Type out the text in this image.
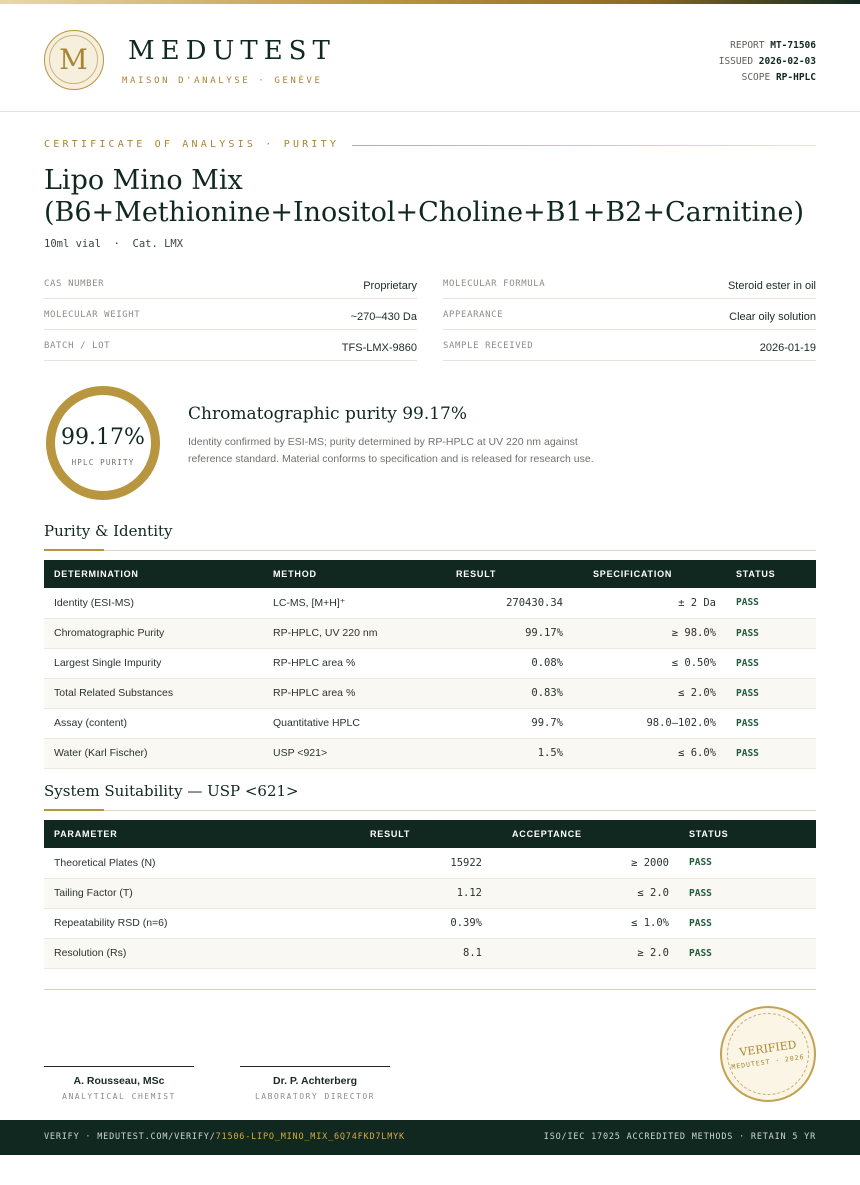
M	MEDUTEST
MAISON D'ANALYSE · GENÈVE
REPORT MT-71506
ISSUED 2026-02-03
SCOPE RP-HPLC
CERTIFICATE OF ANALYSIS · PURITY
Lipo Mino Mix
(B6+Methionine+Inositol+Choline+B1+B2+Carnitine)
10ml vial  ·  Cat. LMX
CAS NUMBER	Proprietary	MOLECULAR FORMULA	Steroid ester in oil
MOLECULAR WEIGHT	~270–430 Da	APPEARANCE	Clear oily solution
BATCH / LOT	TFS-LMX-9860	SAMPLE RECEIVED	2026-01-19
99.17%
HPLC PURITY
Chromatographic purity 99.17%
Identity confirmed by ESI-MS; purity determined by RP-HPLC at UV 220 nm against reference standard. Material conforms to specification and is released for research use.
Purity & Identity
DETERMINATION	METHOD	RESULT	SPECIFICATION	STATUS
Identity (ESI-MS)	LC-MS, [M+H]⁺	270430.34	± 2 Da	PASS
Chromatographic Purity	RP-HPLC, UV 220 nm	99.17%	≥ 98.0%	PASS
Largest Single Impurity	RP-HPLC area %	0.08%	≤ 0.50%	PASS
Total Related Substances	RP-HPLC area %	0.83%	≤ 2.0%	PASS
Assay (content)	Quantitative HPLC	99.7%	98.0–102.0%	PASS
Water (Karl Fischer)	USP <921>	1.5%	≤ 6.0%	PASS
System Suitability — USP <621>
PARAMETER	RESULT	ACCEPTANCE	STATUS
Theoretical Plates (N)	15922	≥ 2000	PASS
Tailing Factor (T)	1.12	≤ 2.0	PASS
Repeatability RSD (n=6)	0.39%	≤ 1.0%	PASS
Resolution (Rs)	8.1	≥ 2.0	PASS
A. Rousseau, MSc
ANALYTICAL CHEMIST
Dr. P. Achterberg
LABORATORY DIRECTOR
VERIFIED
MEDUTEST · 2026
VERIFY · MEDUTEST.COM/VERIFY/71506-LIPO_MINO_MIX_6Q74FKD7LMYK	ISO/IEC 17025 ACCREDITED METHODS · RETAIN 5 YR
